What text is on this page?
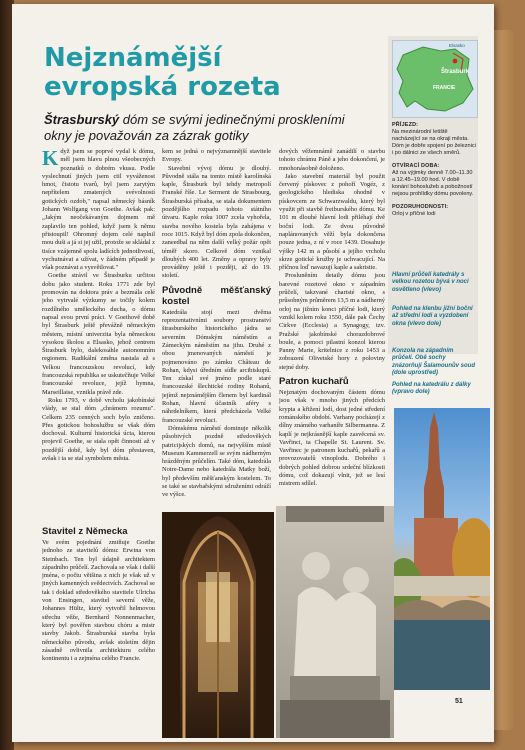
Nejznámější evropská rozeta

Štrasburský dóm se svými jedinečnými proskleními okny je považován za zázrak gotiky

Když jsem se poprvé vydal k dómu, měl jsem hlavu plnou všeobecných poznatků o dobrém vkusu. Podle vyslechnutí jiných jsem ctil vyváženost hmot, čistotu tvarů, byl jsem zarytým nepřítelem zmatených svévolností gotických ozdob," napsal německý básník Johann Wolfgang von Goethe. Avšak pak: „Jakým neočekávaným dojmem mě zaplavilo ten pohled, když jsem k němu přistoupil! Ohromný dojem celé naplnil mou duši a já si jej užil, protože se skládal z tisíce vzájemně spolu ladících jednotlivostí, vychutnávat a užívat, v žádném případě je však poznávat a vysvětlovat."

Goethe strávil ve Štrasburku určitou dobu jako student. Roku 1771 zde byl promován na doktora práv a bezmála celé jeho vytrvalé výzkumy se točily kolem rozdílného uměleckého ducha, o dómu napsal svou první práci. V Goethově době byl Štrasburk ještě převážně německým městem, místní univerzita byla německou vysokou školou a Elsasko, jehož centrem Štrasburk bylo, dalekosáhle autonomním regionem. Radikální změna nastala až s Velkou francouzskou revolucí, kdy francouzská republika se uskutečňuje Velké francouzské revoluce, jejíž hymna, Marseillaise, vznikla právě zde.

Roku 1793, v době vrcholu jakobínské vlády, se stal dóm „chrámem rozumu". Celkem 235 cenných soch bylo zničeno. Přes gotickou bohoslužbu se však dóm dochoval. Kulturní historická úcta, kterou projevil Goethe, se stala opět činností až v pozdější době, kdy byl dóm přestaven, avšak i ta se stal symbolem města.

Stavitel z Německa

Ve svém pojednání zmiňuje Goethe jednoho ze stavitelů dómu: Erwina von Steinbach. Ten byl údajně architektem západního průčelí. Zachovala se však i další jména, o počtu většina z nich je však už v jiných kamenných svědectvích. Zachoval se tak i doklad středověkého stavitele Ulricha von Ensingen, stavitel severní věže, Johannes Hültz, který vytvořil helmovou střechu věže, Bernhard Nonnenmacher, který byl pověřen stavbou chóru a mistr stavby Jakob. Štrasburská stavba byla německého původu, avšak stoletím dějin zásadně ovlivnila architekturu celého kontinentu i a zejména celého Francie.

kem se jedná o nejvýznamnější stavitele Evropy.

Stavební vývoj dómu je dlouhý. Původně stála na tomto místě karolínská kaple, Štrasburk byl tehdy metropolí Franské říše. Le Serment de Strasbourg, Štrasburská přísaha, se stala dokumentem pozdějšího rozpadu tohoto státního útvaru. Kaple roku 1007 zcela vyhořela, stavba nového kostela byla zahájena v roce 1015. Když byl dóm zpola dokončen, zaneedbal na něm další velký požár opět téměř skoro. Celkově dóm vznikal dlouhých 400 let. Změny a opravy byly prováděny ještě i později, až do 19. století.

Původně měšťanský kostel

Katedrála stojí mezi dvěma reprezentativními soubory prostranství štrasburského historického jádra se severním Dómským náměstím a Zámeckým náměstím na jihu. Druhé z obou jmenovaných náměstí je pojmenováno po zámku Château de Rohan, kdysi úředním sídle arcibiskupů. Ten získal své jméno podle staré francouzské šlechtické rodiny Rohanů, jejímž nejznámějším členem byl kardinál Rohan, hlavní účastník aféry s náhrdelníkem, která předcházela Velké francouzské revoluci.

Dómskému náměstí dominuje několik působivých pozdně středověkých patricijských domů, na nejvyšším místě Museum Kammerzell se svým nádherným hrázděným průčelím. Také dóm, katedrála Notre-Dame nebo katedrála Matky boží, byl především měšťanským kostelem. To se také se stavbařskými sdruženími odráží ve výšce.

dových věžemnámě zanádilí o stavbu tohoto chrámu Páně a jeho dokončení, je mnohonásobně doloženo.

Jako stavební materiál byl použit červený pískovec z pohoří Vogéz, z geologického hlediska ohodně v pískovcem ze Schwarzwaldu, který byl využit při stavbě freiburského dómu. Ke 101 m dlouhé hlavní lodi přiléhají dvě boční lodi. Ze dvou původně naplánovaných věží byla dokončena pouze jedna, z ní v roce 1439. Dosahuje výšky 142 m a působí a jejího vrcholu skrze gotické kružby je uchvacující. Na příčnou loď navazují kaple a sakristie.

Prosluněním detaily dómu jsou barevné rozetové okno v západním průčelí, takzvané charisté okno, s průsobným průměrem 13,5 m a nádherný orloj na jižním konci příčné lodi, který vznikl kolem roku 1550, dále pak Čechy Cirkve (Ecclesia) a Synagogy, tzv. Pražské jakobínské chorazdobrové boule, a pomoci pilastní konzol kterou Panny Marie, kritelnice z roku 1453 a zobrazení Olivetské hory z poloviny stejné doby.

Patron kuchařů

Nejznatým dochovaným částem dómu jsou však v mnoho jiných předcích krypta a křižení lodí, dost jedné středení románského období. Varhany pocházejí z dílny známého varhaníře Silbermanna. Z kaplí je nejkrásnější kaple zasvěcená sv. Vavřinci, ta Chapelle St. Laurent. Sv. Vavřinec je patronem kuchařů, pekařů a provozovatelů vinoplodu. Dobrého i dobrých pohled dobrou srdeční blízkosti dómu, což dokazují vlnit, jež se lesí mistrem sdílel.

Štrasburk
FRANCIE
Elsasko
PŘÍJEZD:
Na mezinárodní letiště nacházející se na okraji města. Dóm je dobře spojení po železnici i po dálnici ze všech směrů.
OTVÍRACÍ DOBA:
Až na výjimky denně 7.00–11.30 a 12.45–19.00 hod. V době konání bohoslužeb a pobožností nejsou prohlídky dómu povoleny.
POZORUHODNOSTI:
Orloj v příčné lodi
Hlavní průčelí katedrály s velkou rozetou bývá v noci osvětleno (vlevo)
Pohled na klenbu jižní boční až střední lodi a vyzdobení okna (vlevo dole)
Konzola na západním průčelí. Obě sochy znázorňují Šalamounův soud (dole uprostřed)
Pohled na katedrálu z dálky (vpravo dole)
51
